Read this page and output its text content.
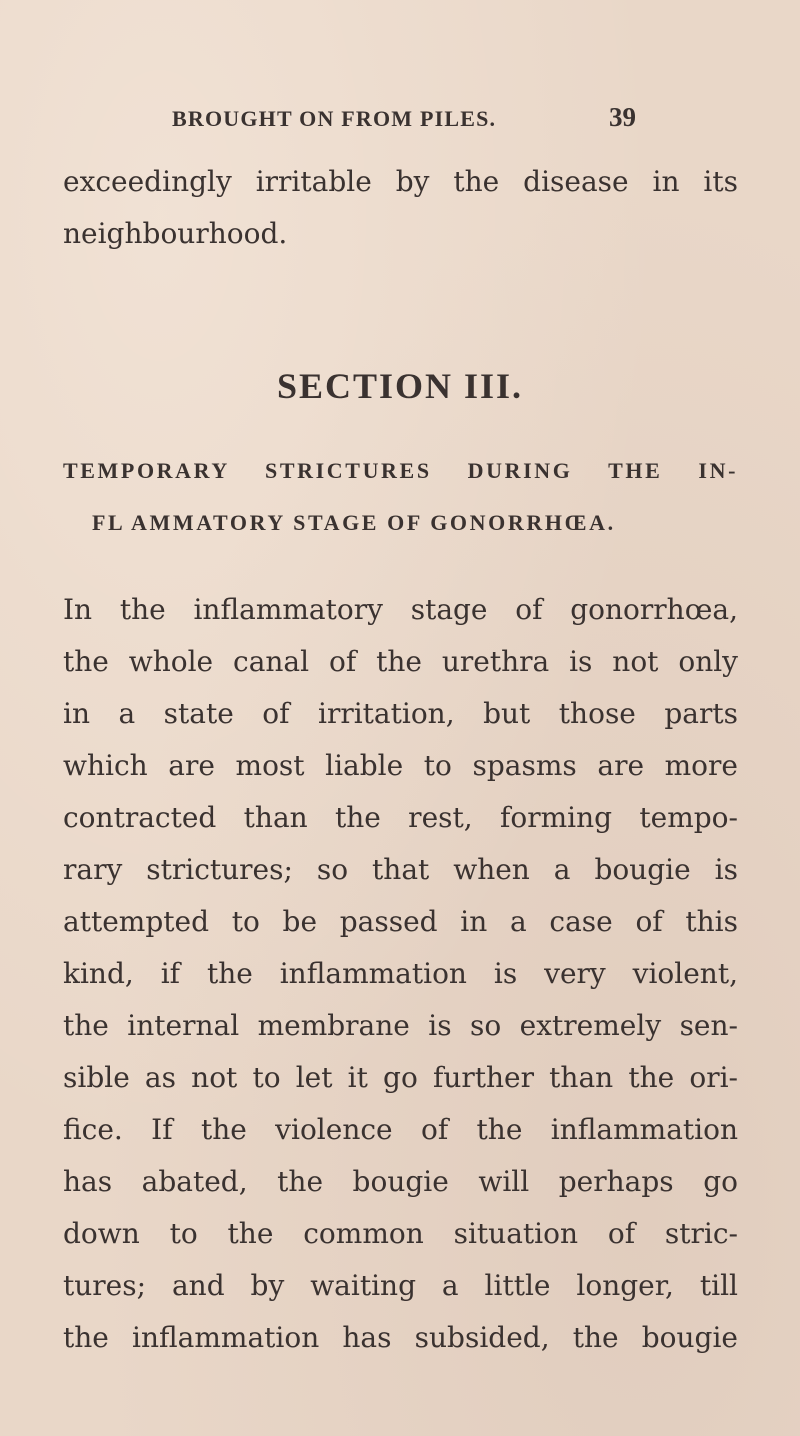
BROUGHT ON FROM PILES.	39
exceedingly irritable by the disease in its
neighbourhood.
SECTION III.
TEMPORARY STRICTURES DURING THE IN-
FL AMMATORY STAGE OF GONORRHŒA.
In the inflammatory stage of gonorrhœa,
the whole canal of the urethra is not only
in a state of irritation, but those parts
which are most liable to spasms are more
contracted than the rest, forming tempo-
rary strictures; so that when a bougie is
attempted to be passed in a case of this
kind, if the inflammation is very violent,
the internal membrane is so extremely sen-
sible as not to let it go further than the ori-
fice. If the violence of the inflammation
has abated, the bougie will perhaps go
down to the common situation of stric-
tures; and by waiting a little longer, till
the inflammation has subsided, the bougie
